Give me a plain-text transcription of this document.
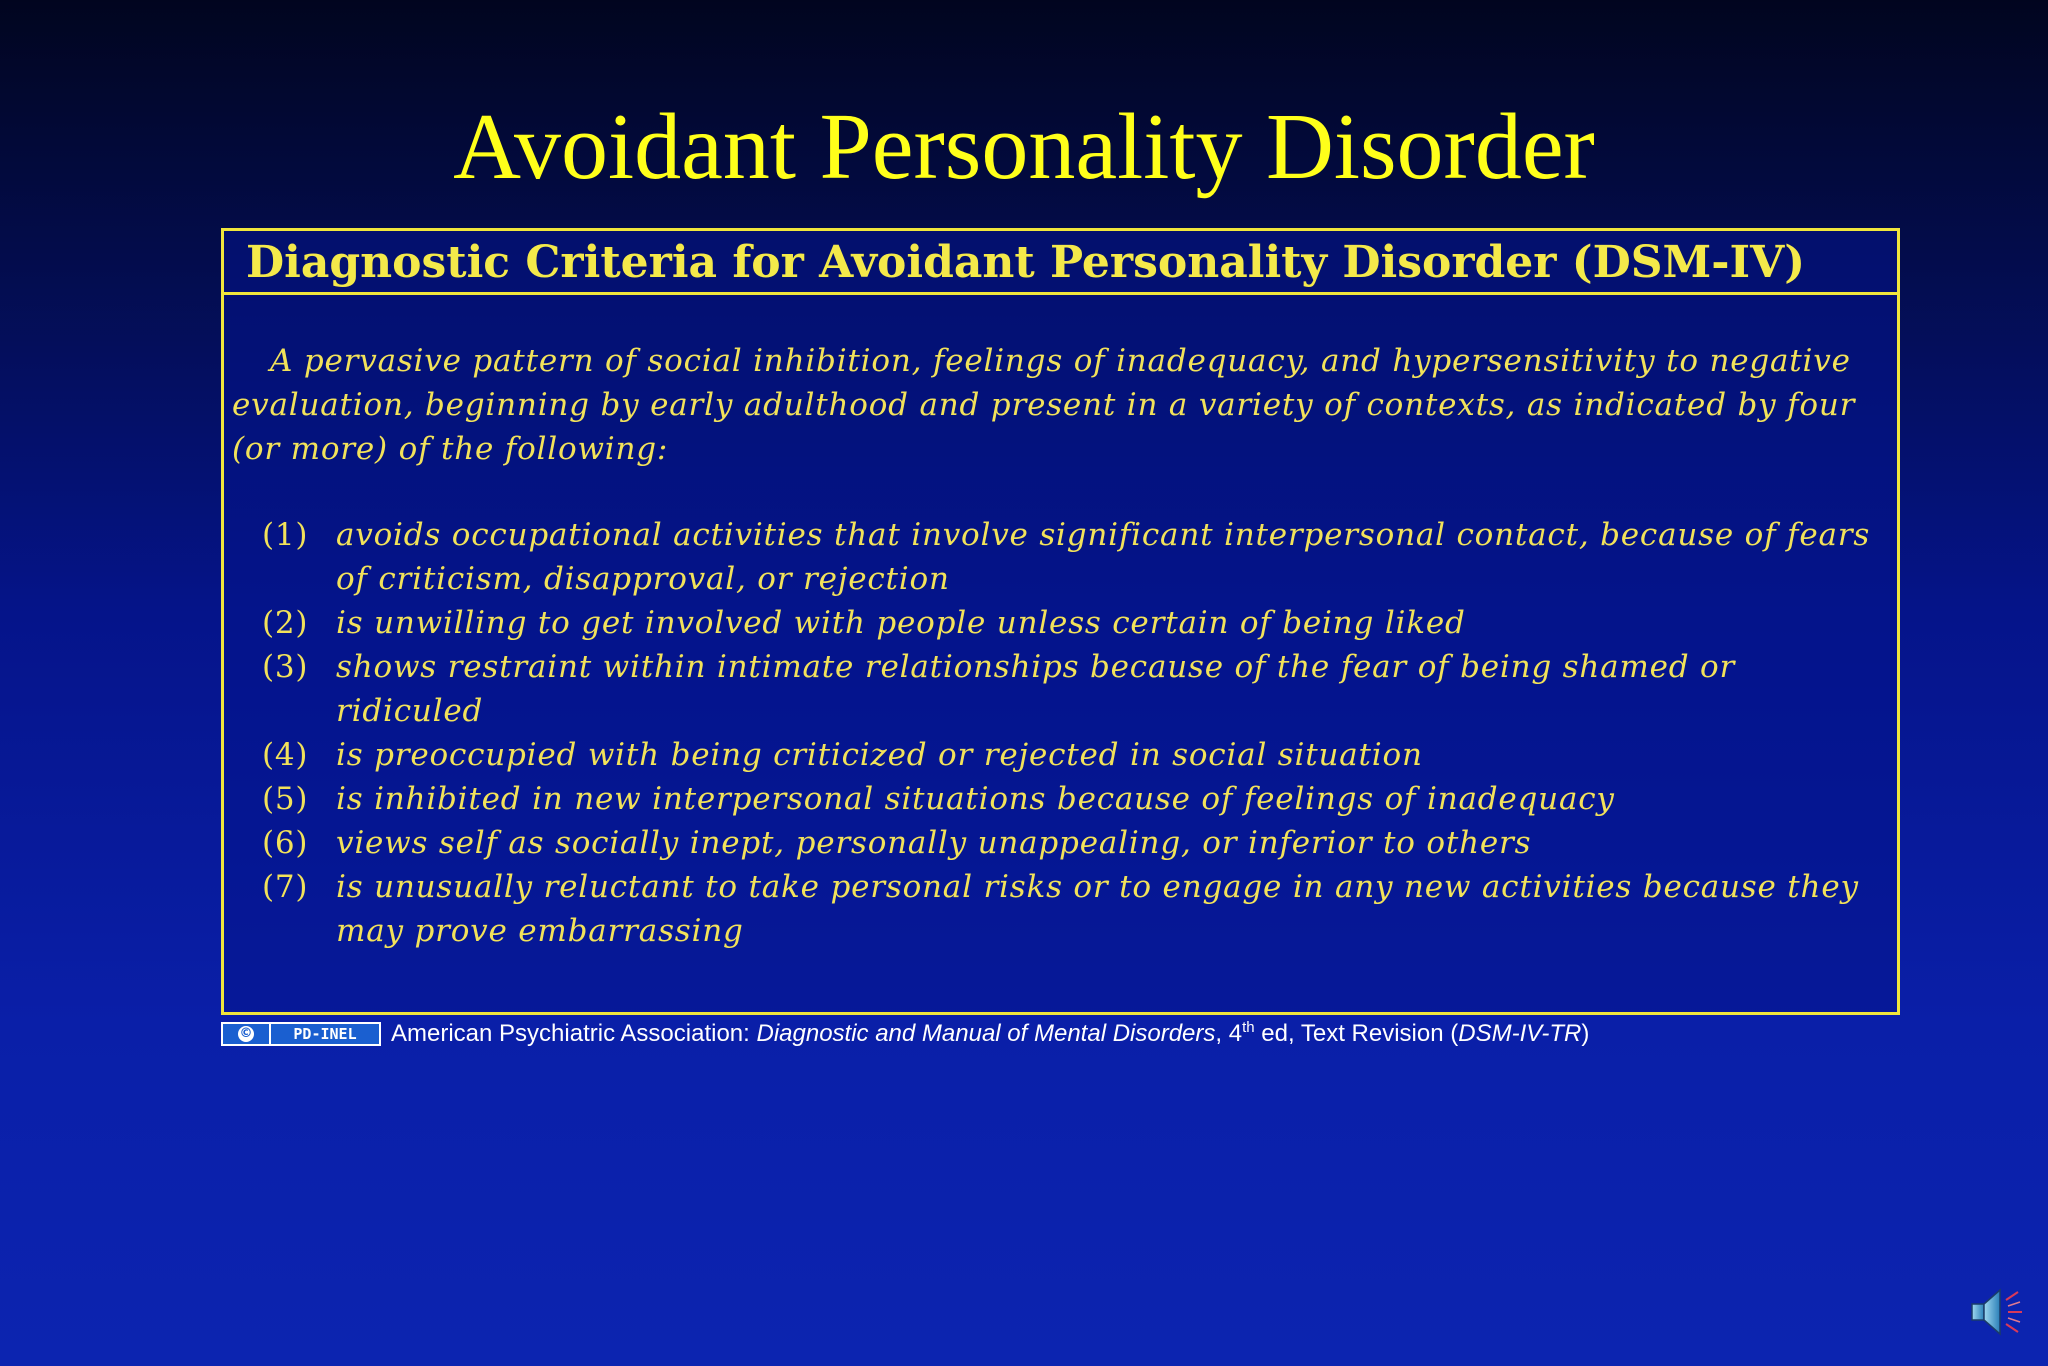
Avoidant Personality Disorder
Diagnostic Criteria for Avoidant Personality Disorder (DSM-IV)

A pervasive pattern of social inhibition, feelings of inadequacy, and hypersensitivity to negative evaluation, beginning by early adulthood and present in a variety of contexts, as indicated by four (or more) of the following:

(1) avoids occupational activities that involve significant interpersonal contact, because of fears of criticism, disapproval, or rejection
(2) is unwilling to get involved with people unless certain of being liked
(3) shows restraint within intimate relationships because of the fear of being shamed or ridiculed
(4) is preoccupied with being criticized or rejected in social situation
(5) is inhibited in new interpersonal situations because of feelings of inadequacy
(6) views self as socially inept, personally unappealing, or inferior to others
(7) is unusually reluctant to take personal risks or to engage in any new activities because they may prove embarrassing
©	PD-INEL	American Psychiatric Association: Diagnostic and Manual of Mental Disorders, 4th ed, Text Revision (DSM-IV-TR)
